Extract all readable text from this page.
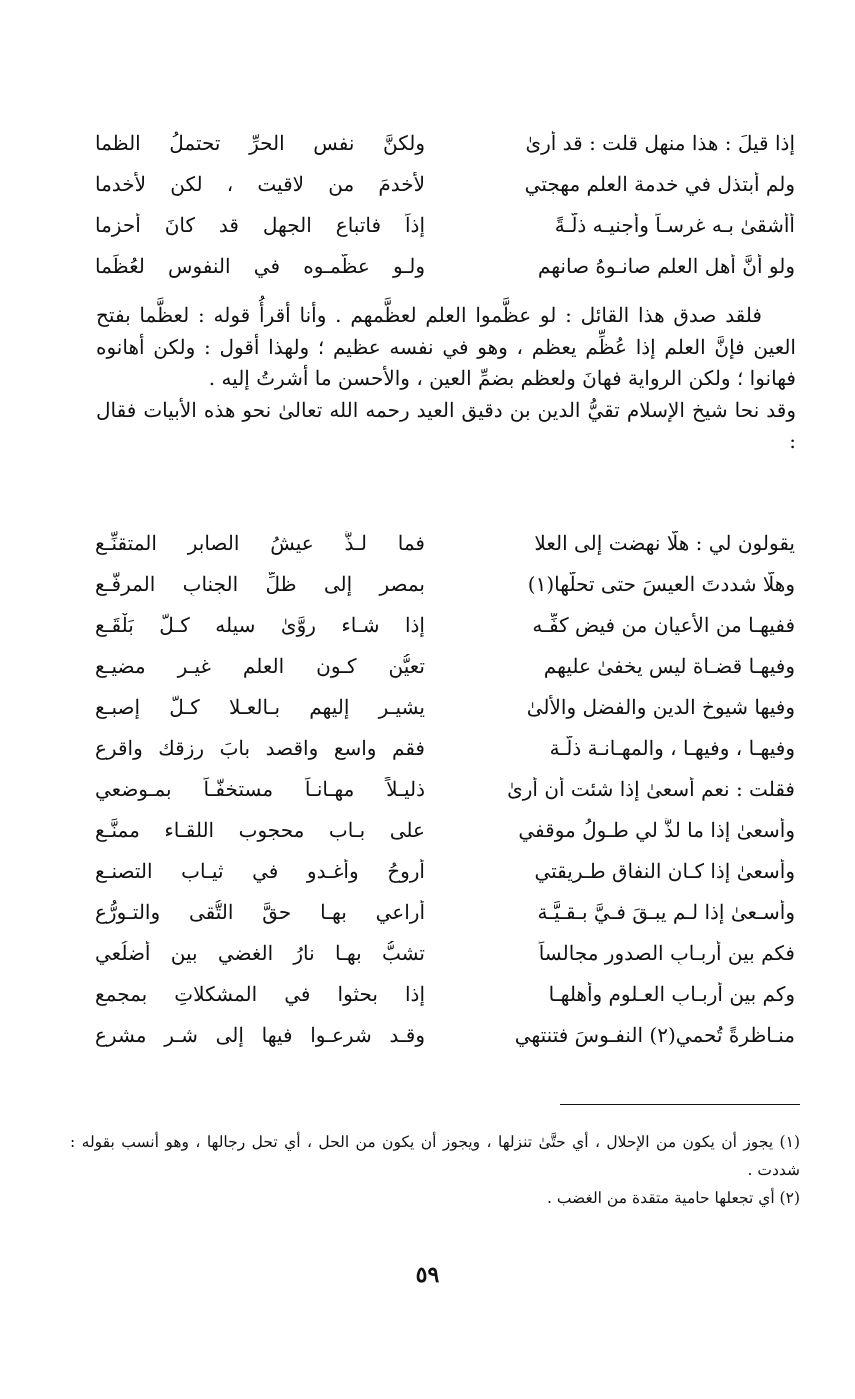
إذا قيلَ : هذا منهل قلت : قد أرىٰ
ولكنَّ نفس الحرِّ تحتملُ الظما
ولم أبتذل في خدمة العلم مهجتي
لأخدمَ من لاقيت ، لكن لأُخدما
أأشقىٰ بـه غرسـاً وأجنيـه ذلَّـةً
إذاً فاتباع الجهل قد كانَ أحزما
ولو أنَّ أهل العلم صانـوهُ صانهم
ولـو عظَّمـوه في النفوسِ لعُظِّما

فلقد صدق هذا القائل : لو عظَّموا العلم لعظَّمهم . وأنا أقرأُ قوله : لعظَّما بفتح العين فإنَّ العلم إذا عُظِّم يعظم ، وهو في نفسه عظيم ؛ ولهذا أقول : ولكن أهانوه فهانوا ؛ ولكن الرواية فهانَ ولعظم بضمِّ العين ، والأحسن ما أشرتُ إليه .

وقد نحا شيخ الإسلام تقيُّ الدين بن دقيق العيد رحمه الله تعالىٰ نحو هذه الأبيات فقال :

يقولون لي : هلَّا نهضت إلى العلا
فما لـذَّ عيشُ الصابرِ المتقنِّـع
وهلَّا شددتَ العيسَ حتى تحلَّها(١)
بمصرٍ إلى ظلِّ الجنابِ المرفَّـع
ففيهـا من الأعيانِ من فيضِ كفِّـه
إذا شـاء روَّىٰ سيله كـلَّ بَلْقَـع
وفيهـا قضـاة ليس يخفىٰ عليهم
تعيُّن كـون العلم غيـر مضيـع
وفيها شيوخ الدين والفضل والألىٰ
يشيـر إليهم بـالعـلا كـلُّ إصبـع
وفيهـا ، وفيهـا ، والمهـانـة ذلَّـة
فقم واسع واقصد بابَ رزقك واقرع
فقلت : نعم أسعىٰ إذا شئت أن أرىٰ
ذليـلاً مهـانـاً مستخفّـاً بمـوضعي
وأسعىٰ إذا ما لذَّ لي طـولُ موقفي
على بـاب محجوب اللقـاء ممنَّـع
وأسعىٰ إذا كـان النفاق طـريقتي
أروحُ وأغـدو في ثيـاب التصنـعِ
وأسـعىٰ إذا لـم يبـقَ فـيَّ بـقـيَّـة
أراعي بهـا حقَّ التُّقى والتـورُّعِ
فكم بين أربـابِ الصدور مجالساً
تشبُّ بهـا نارُ الغضي بين أضلُعي
وكم بين أربـابِ العـلوم وأهلهـا
إذا بحثوا في المشكلاتِ بمجمعِ
منـاظرةً تُحمي(٢) النفـوسَ فتنتهي
وقـد شرعـوا فيها إلى شـر مشرعِ

(١) يجوز أن يكون من الإحلال ، أي حتَّىٰ تنزلها ، ويجوز أن يكون من الحل ، أي تحل رجالها ، وهو أنسب بقوله : شددت .

(٢) أي تجعلها حامية متقدة من الغضب .

٥٩
